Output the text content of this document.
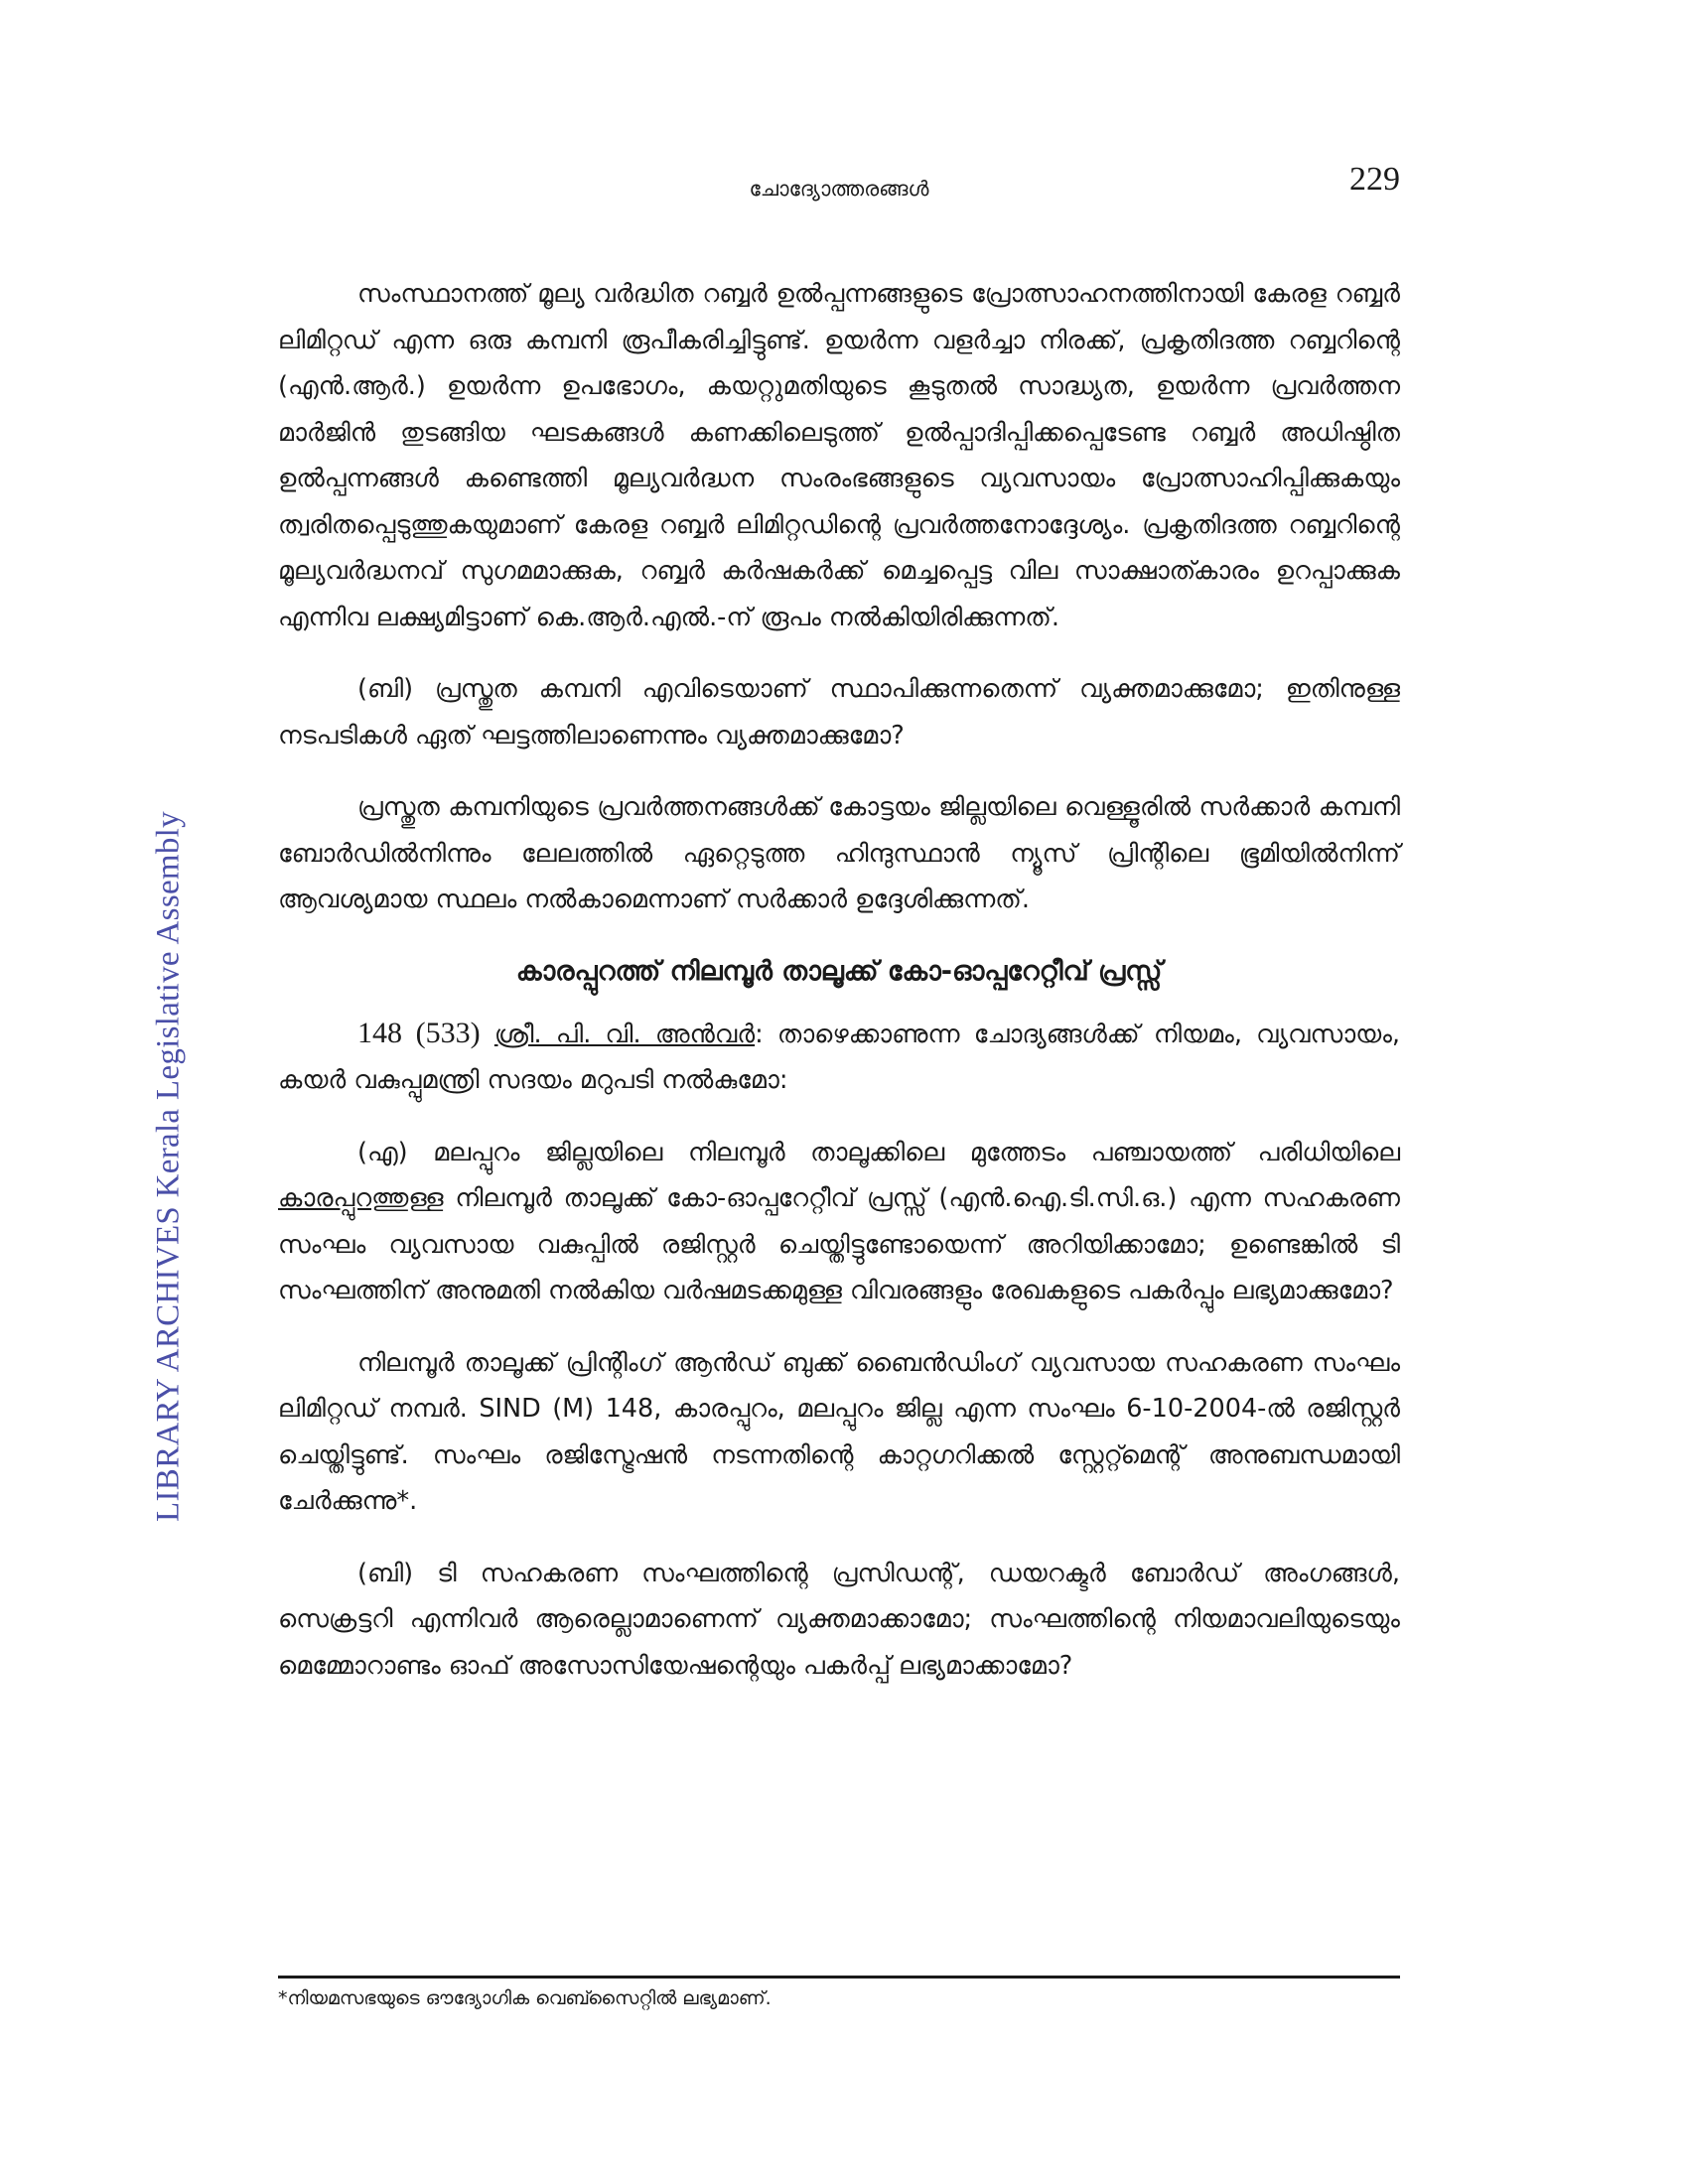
LIBRARY ARCHIVES Kerala Legislative Assembly
ചോദ്യോത്തരങ്ങൾ	229

സംസ്ഥാനത്ത് മൂല്യ വർദ്ധിത റബ്ബർ ഉൽപ്പന്നങ്ങളുടെ പ്രോത്സാഹനത്തിനായി കേരള റബ്ബർ ലിമിറ്റഡ് എന്ന ഒരു കമ്പനി രൂപീകരിച്ചിട്ടുണ്ട്. ഉയർന്ന വളർച്ചാ നിരക്ക്, പ്രകൃതിദത്ത റബ്ബറിന്റെ (എൻ.ആർ.) ഉയർന്ന ഉപഭോഗം, കയറ്റുമതിയുടെ കൂടുതൽ സാദ്ധ്യത, ഉയർന്ന പ്രവർത്തന മാർജിൻ തുടങ്ങിയ ഘടകങ്ങൾ കണക്കിലെടുത്ത് ഉൽപ്പാദിപ്പിക്കപ്പെടേണ്ട റബ്ബർ അധിഷ്ഠിത ഉൽപ്പന്നങ്ങൾ കണ്ടെത്തി മൂല്യവർദ്ധന സംരംഭങ്ങളുടെ വ്യവസായം പ്രോത്സാഹിപ്പിക്കുകയും ത്വരിതപ്പെടുത്തുകയുമാണ് കേരള റബ്ബർ ലിമിറ്റഡിന്റെ പ്രവർത്തനോദ്ദേശ്യം. പ്രകൃതിദത്ത റബ്ബറിന്റെ മൂല്യവർദ്ധനവ് സുഗമമാക്കുക, റബ്ബർ കർഷകർക്ക് മെച്ചപ്പെട്ട വില സാക്ഷാത്കാരം ഉറപ്പാക്കുക എന്നിവ ലക്ഷ്യമിട്ടാണ് കെ.ആർ.എൽ.-ന് രൂപം നൽകിയിരിക്കുന്നത്.

(ബി) പ്രസ്തുത കമ്പനി എവിടെയാണ് സ്ഥാപിക്കുന്നതെന്ന് വ്യക്തമാക്കുമോ; ഇതിനുള്ള നടപടികൾ ഏത് ഘട്ടത്തിലാണെന്നും വ്യക്തമാക്കുമോ?

പ്രസ്തുത കമ്പനിയുടെ പ്രവർത്തനങ്ങൾക്ക് കോട്ടയം ജില്ലയിലെ വെള്ളൂരിൽ സർക്കാർ കമ്പനി ബോർഡിൽനിന്നും ലേലത്തിൽ ഏറ്റെടുത്ത ഹിന്ദുസ്ഥാൻ ന്യൂസ് പ്രിന്റിലെ ഭൂമിയിൽനിന്ന് ആവശ്യമായ സ്ഥലം നൽകാമെന്നാണ് സർക്കാർ ഉദ്ദേശിക്കുന്നത്.

കാരപ്പുറത്ത് നിലമ്പൂർ താലൂക്ക് കോ-ഓപ്പറേറ്റീവ് പ്രസ്സ്

148 (533) ശ്രീ. പി. വി. അൻവർ: താഴെക്കാണുന്ന ചോദ്യങ്ങൾക്ക് നിയമം, വ്യവസായം, കയർ വകുപ്പുമന്ത്രി സദയം മറുപടി നൽകുമോ:

(എ) മലപ്പുറം ജില്ലയിലെ നിലമ്പൂർ താലൂക്കിലെ മുത്തേടം പഞ്ചായത്ത് പരിധിയിലെ കാരപ്പുറത്തുള്ള നിലമ്പൂർ താലൂക്ക് കോ-ഓപ്പറേറ്റീവ് പ്രസ്സ് (എൻ.ഐ.ടി.സി.ഒ.) എന്ന സഹകരണ സംഘം വ്യവസായ വകുപ്പിൽ രജിസ്റ്റർ ചെയ്തിട്ടുണ്ടോയെന്ന് അറിയിക്കാമോ; ഉണ്ടെങ്കിൽ ടി സംഘത്തിന് അനുമതി നൽകിയ വർഷമടക്കമുള്ള വിവരങ്ങളും രേഖകളുടെ പകർപ്പും ലഭ്യമാക്കുമോ?

നിലമ്പൂർ താലൂക്ക് പ്രിന്റിംഗ് ആൻഡ് ബുക്ക് ബൈൻഡിംഗ് വ്യവസായ സഹകരണ സംഘം ലിമിറ്റഡ് നമ്പർ. SIND (M) 148, കാരപ്പുറം, മലപ്പുറം ജില്ല എന്ന സംഘം 6-10-2004-ൽ രജിസ്റ്റർ ചെയ്തിട്ടുണ്ട്. സംഘം രജിസ്ട്രേഷൻ നടന്നതിന്റെ കാറ്റഗറിക്കൽ സ്റ്റേറ്റ്മെന്റ് അനുബന്ധമായി ചേർക്കുന്നു*.

(ബി) ടി സഹകരണ സംഘത്തിന്റെ പ്രസിഡന്റ്, ഡയറക്ടർ ബോർഡ് അംഗങ്ങൾ, സെക്രട്ടറി എന്നിവർ ആരെല്ലാമാണെന്ന് വ്യക്തമാക്കാമോ; സംഘത്തിന്റെ നിയമാവലിയുടെയും മെമ്മോറാണ്ടം ഓഫ് അസോസിയേഷന്റെയും പകർപ്പ് ലഭ്യമാക്കാമോ?

*നിയമസഭയുടെ ഔദ്യോഗിക വെബ്സൈറ്റിൽ ലഭ്യമാണ്.
